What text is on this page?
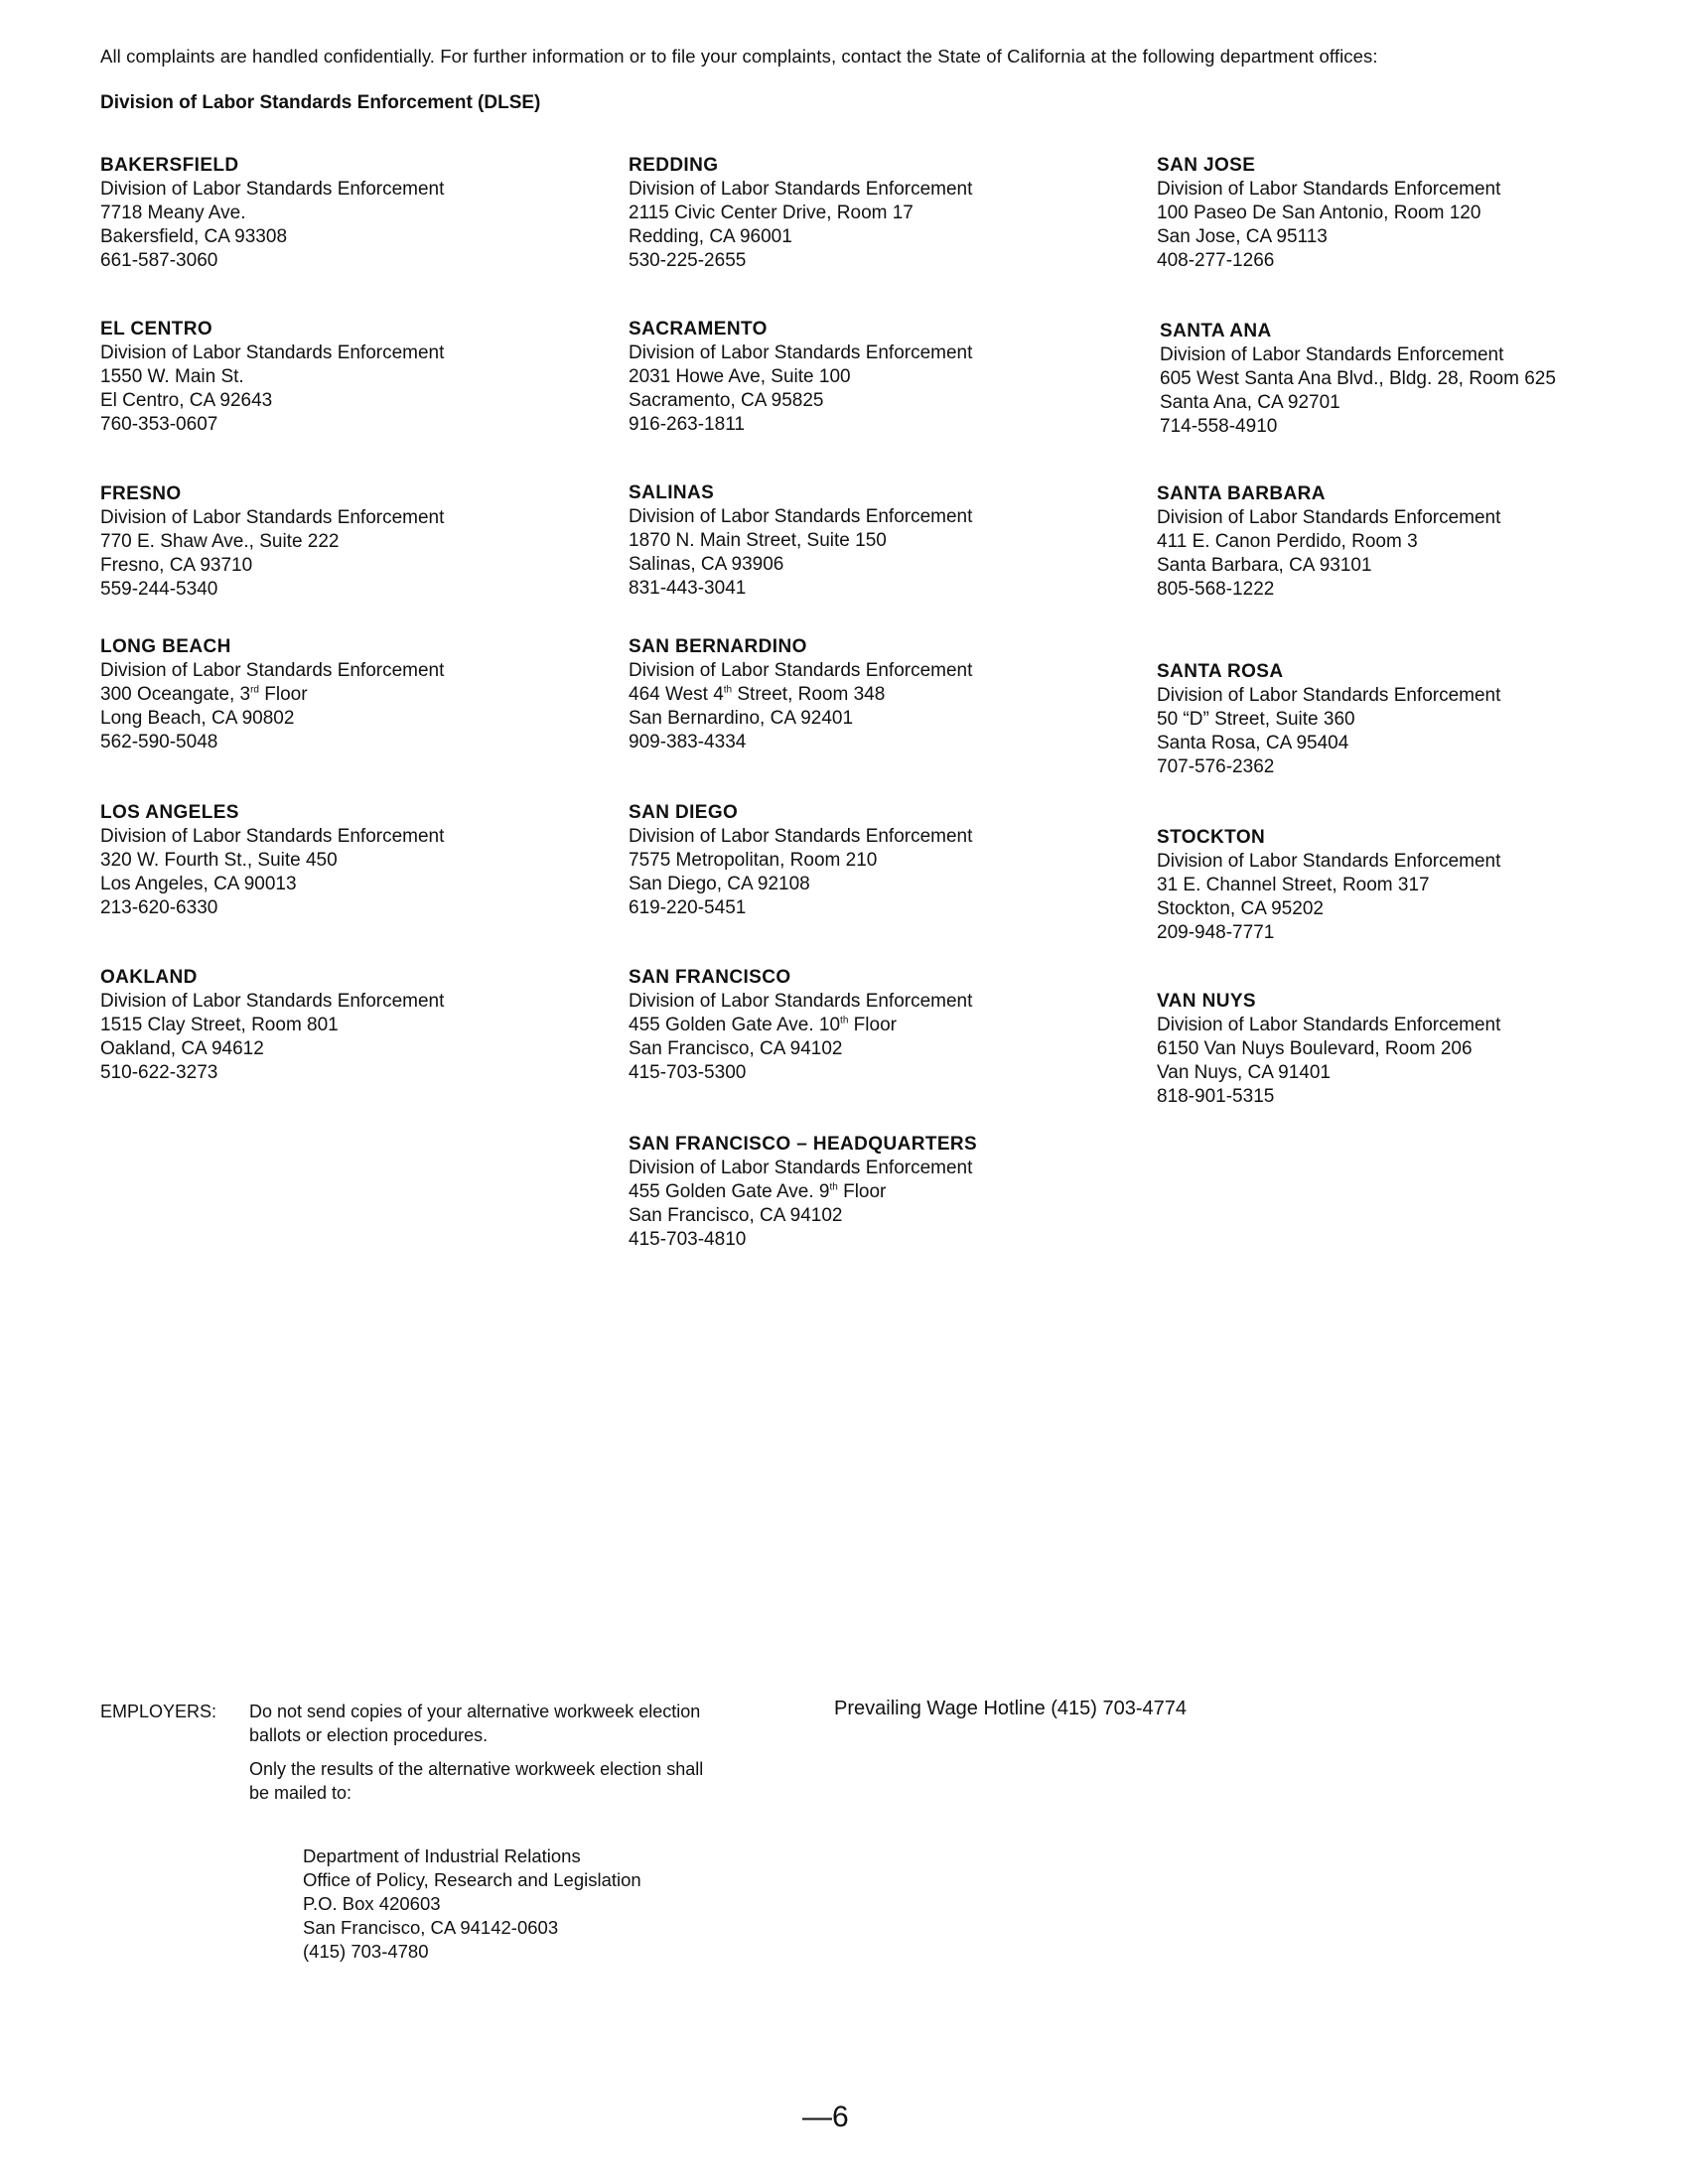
All complaints are handled confidentially. For further information or to file your complaints, contact the State of California at the following department offices:
Division of Labor Standards Enforcement (DLSE)
BAKERSFIELD
Division of Labor Standards Enforcement
7718 Meany Ave.
Bakersfield, CA 93308
661-587-3060
EL CENTRO
Division of Labor Standards Enforcement
1550 W. Main St.
El Centro, CA 92643
760-353-0607
FRESNO
Division of Labor Standards Enforcement
770 E. Shaw Ave., Suite 222
Fresno, CA 93710
559-244-5340
LONG BEACH
Division of Labor Standards Enforcement
300 Oceangate, 3rd Floor
Long Beach, CA 90802
562-590-5048
LOS ANGELES
Division of Labor Standards Enforcement
320 W. Fourth St., Suite 450
Los Angeles, CA 90013
213-620-6330
OAKLAND
Division of Labor Standards Enforcement
1515 Clay Street, Room 801
Oakland, CA 94612
510-622-3273
REDDING
Division of Labor Standards Enforcement
2115 Civic Center Drive, Room 17
Redding, CA 96001
530-225-2655
SACRAMENTO
Division of Labor Standards Enforcement
2031 Howe Ave, Suite 100
Sacramento, CA 95825
916-263-1811
SALINAS
Division of Labor Standards Enforcement
1870 N. Main Street, Suite 150
Salinas, CA 93906
831-443-3041
SAN BERNARDINO
Division of Labor Standards Enforcement
464 West 4th Street, Room 348
San Bernardino, CA 92401
909-383-4334
SAN DIEGO
Division of Labor Standards Enforcement
7575 Metropolitan, Room 210
San Diego, CA 92108
619-220-5451
SAN FRANCISCO
Division of Labor Standards Enforcement
455 Golden Gate Ave. 10th Floor
San Francisco, CA 94102
415-703-5300
SAN FRANCISCO – HEADQUARTERS
Division of Labor Standards Enforcement
455 Golden Gate Ave. 9th Floor
San Francisco, CA 94102
415-703-4810
SAN JOSE
Division of Labor Standards Enforcement
100 Paseo De San Antonio, Room 120
San Jose, CA 95113
408-277-1266
SANTA ANA
Division of Labor Standards Enforcement
605 West Santa Ana Blvd., Bldg. 28, Room 625
Santa Ana, CA 92701
714-558-4910
SANTA BARBARA
Division of Labor Standards Enforcement
411 E. Canon Perdido, Room 3
Santa Barbara, CA 93101
805-568-1222
SANTA ROSA
Division of Labor Standards Enforcement
50 “D” Street, Suite 360
Santa Rosa, CA 95404
707-576-2362
STOCKTON
Division of Labor Standards Enforcement
31 E. Channel Street, Room 317
Stockton, CA 95202
209-948-7771
VAN NUYS
Division of Labor Standards Enforcement
6150 Van Nuys Boulevard, Room 206
Van Nuys, CA 91401
818-901-5315
EMPLOYERS: Do not send copies of your alternative workweek election ballots or election procedures.
Only the results of the alternative workweek election shall be mailed to:
Department of Industrial Relations
Office of Policy, Research and Legislation
P.O. Box 420603
San Francisco, CA 94142-0603
(415) 703-4780
Prevailing Wage Hotline (415) 703-4774
—6
